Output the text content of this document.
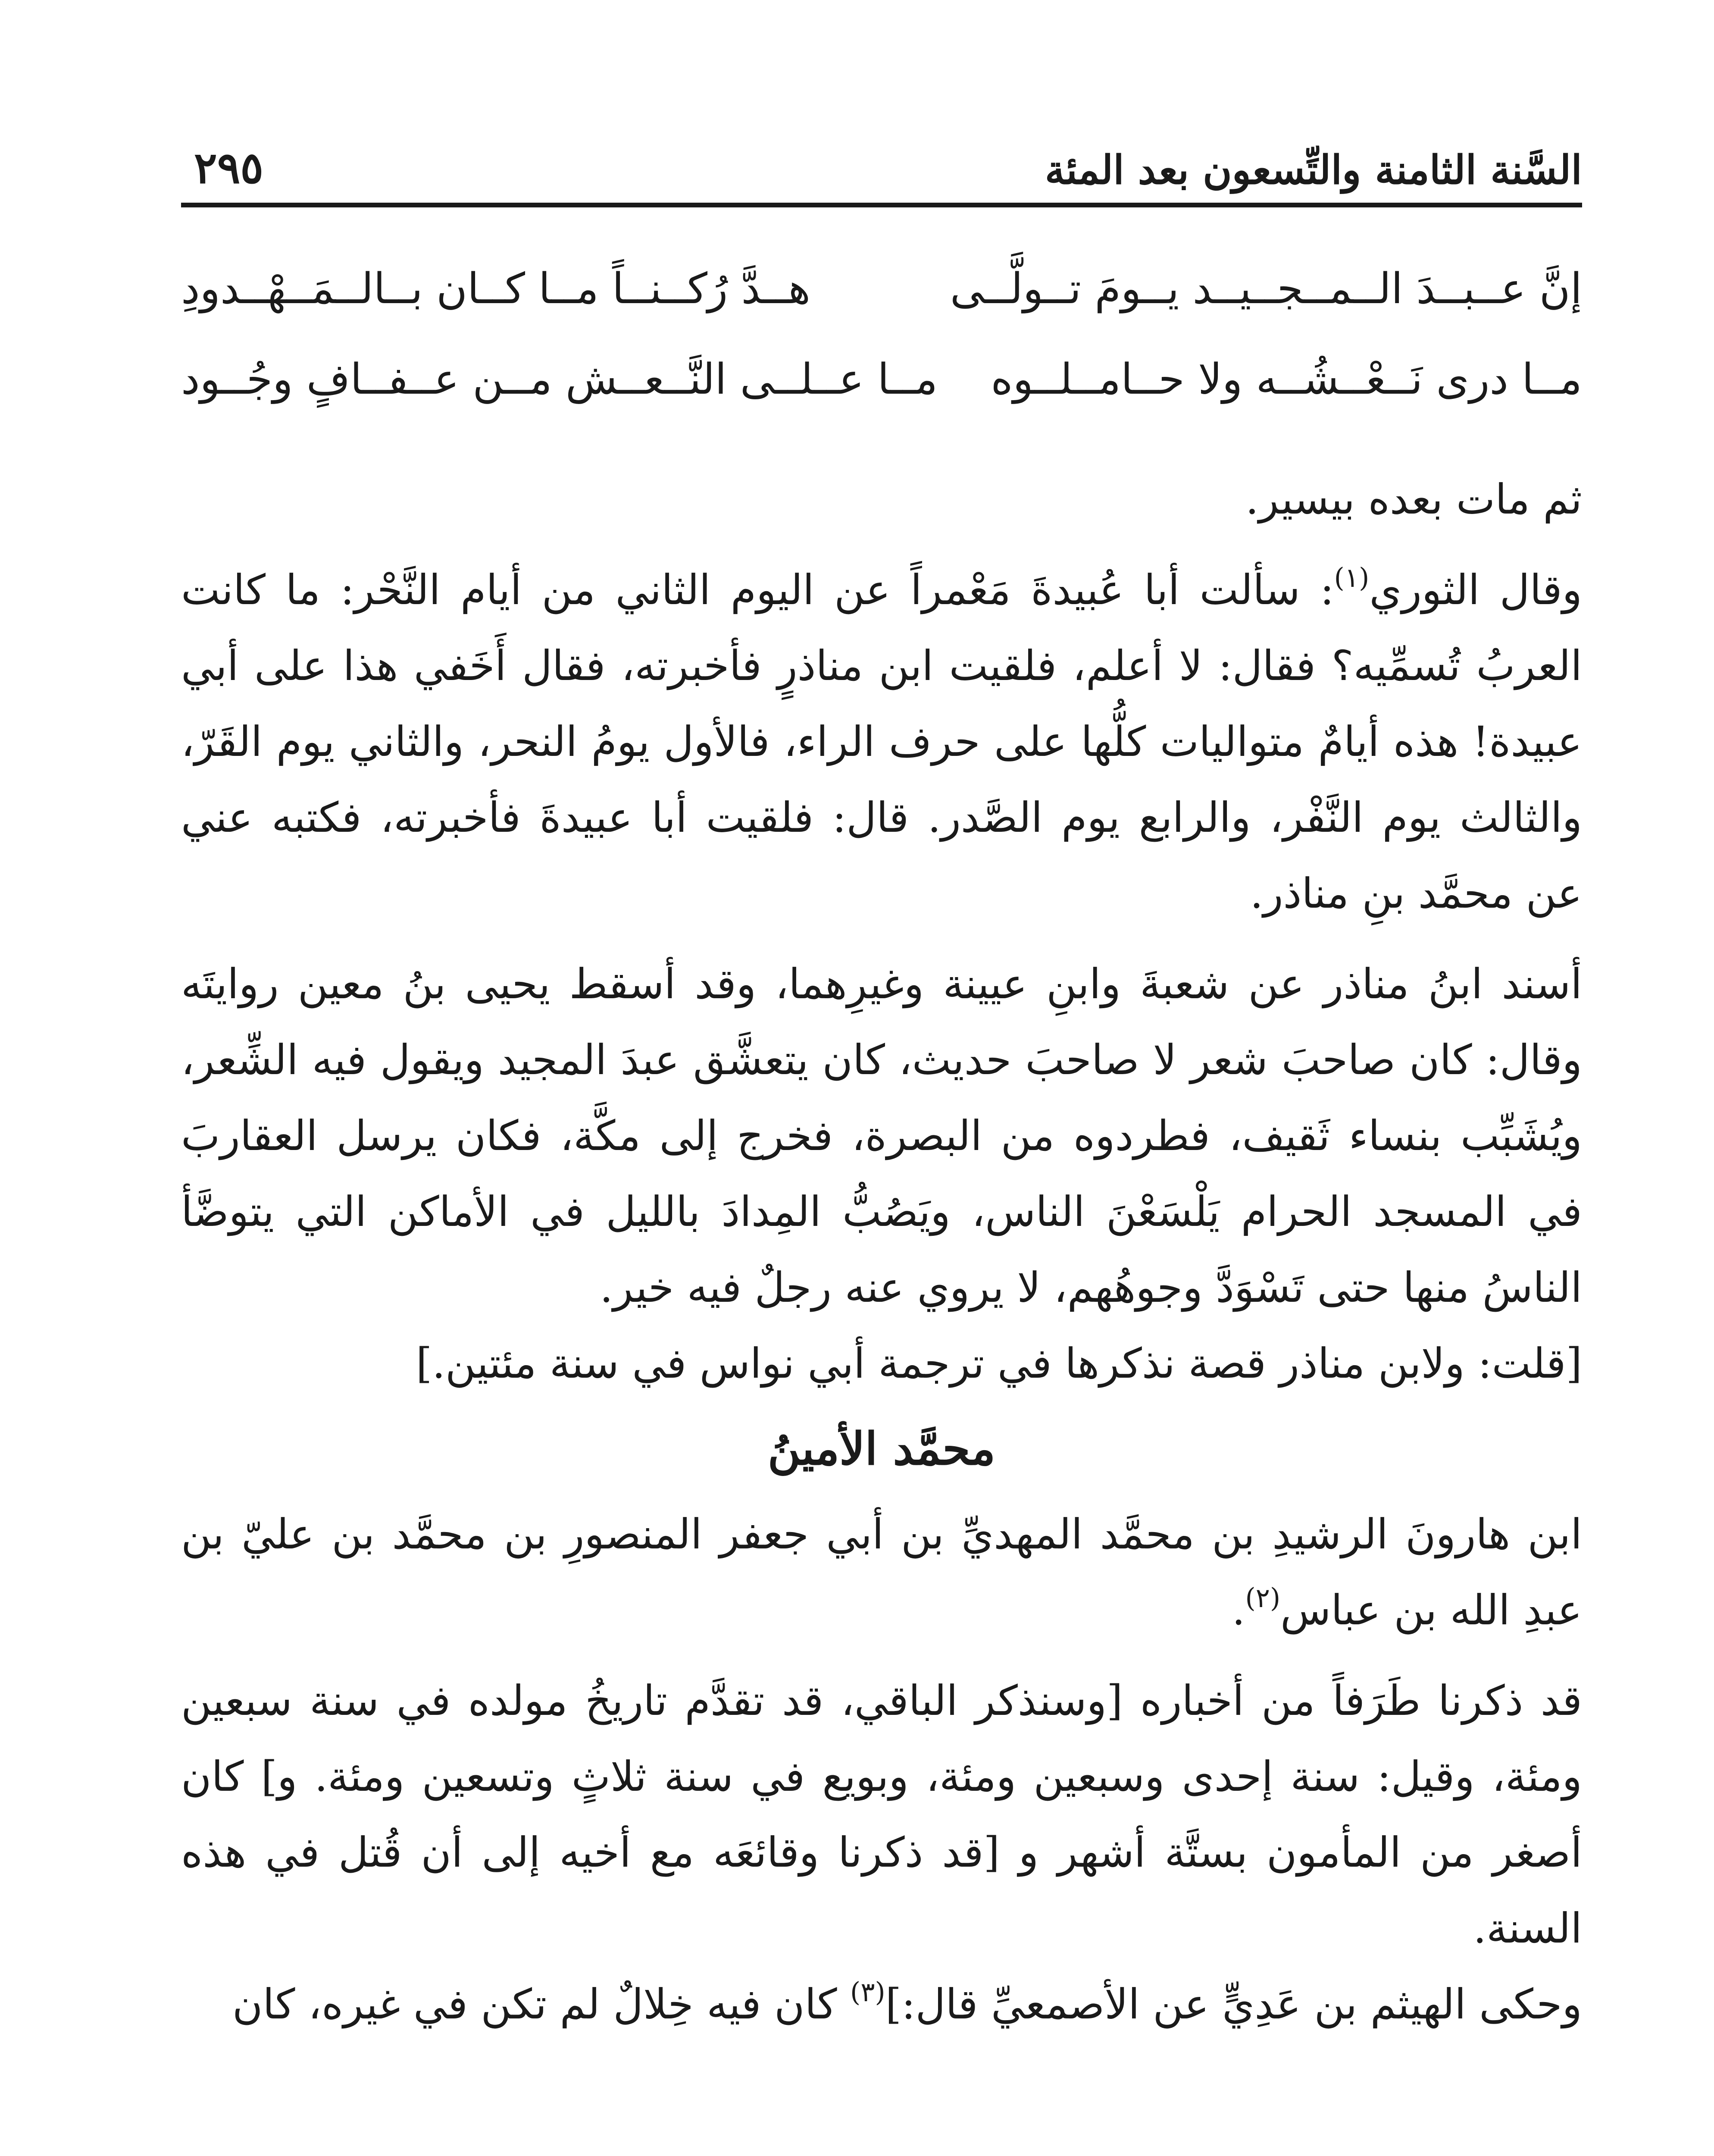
السَّنة الثامنة والتِّسعون بعد المئة
٢٩٥
إنَّ عــبــدَ الــمــجــيــد يــومَ تــولَّــى
هــدَّ رُكــنــاً مــا كــان بــالــمَــهْــدودِ
مــا درى نَــعْــشُــه ولا حــامــلــوه
مــا عــلــى النَّــعــش مــن عــفــافٍ وجُــود

ثم مات بعده بيسير.

وقال الثوري$^{(١)}$: سألت أبا عُبيدةَ مَعْمراً عن اليوم الثاني من أيام النَّحْر: ما كانت العربُ تُسمِّيه؟ فقال: لا أعلم، فلقيت ابن مناذرٍ فأخبرته، فقال أَخَفي هذا على أبي عبيدة! هذه أيامٌ متواليات كلُّها على حرف الراء، فالأول يومُ النحر، والثاني يوم القَرّ، والثالث يوم النَّفْر، والرابع يوم الصَّدر. قال: فلقيت أبا عبيدةَ فأخبرته، فكتبه عني عن محمَّد بنِ مناذر.

أسند ابنُ مناذر عن شعبةَ وابنِ عيينة وغيرِهما، وقد أسقط يحيى بنُ معين روايتَه وقال: كان صاحبَ شعر لا صاحبَ حديث، كان يتعشَّق عبدَ المجيد ويقول فيه الشِّعر، ويُشَبِّب بنساء ثَقيف، فطردوه من البصرة، فخرج إلى مكَّة، فكان يرسل العقاربَ في المسجد الحرام يَلْسَعْنَ الناس، ويَصُبُّ المِدادَ بالليل في الأماكن التي يتوضَّأ الناسُ منها حتى تَسْوَدَّ وجوهُهم، لا يروي عنه رجلٌ فيه خير.

[قلت: ولابن مناذر قصة نذكرها في ترجمة أبي نواس في سنة مئتين.]

محمَّد الأمينُ

ابن هارونَ الرشيدِ بن محمَّد المهديِّ بن أبي جعفر المنصورِ بن محمَّد بن عليّ بن عبدِ الله بن عباس$^{(٢)}$.

قد ذكرنا طَرَفاً من أخباره [وسنذكر الباقي، قد تقدَّم تاريخُ مولده في سنة سبعين ومئة، وقيل: سنة إحدى وسبعين ومئة، وبويع في سنة ثلاثٍ وتسعين ومئة. و] كان أصغر من المأمون بستَّة أشهر و [قد ذكرنا وقائعَه مع أخيه إلى أن قُتل في هذه السنة.

وحكى الهيثم بن عَدِيٍّ عن الأصمعيِّ قال:]$^{(٣)}$ كان فيه خِلالٌ لم تكن في غيره، كان
